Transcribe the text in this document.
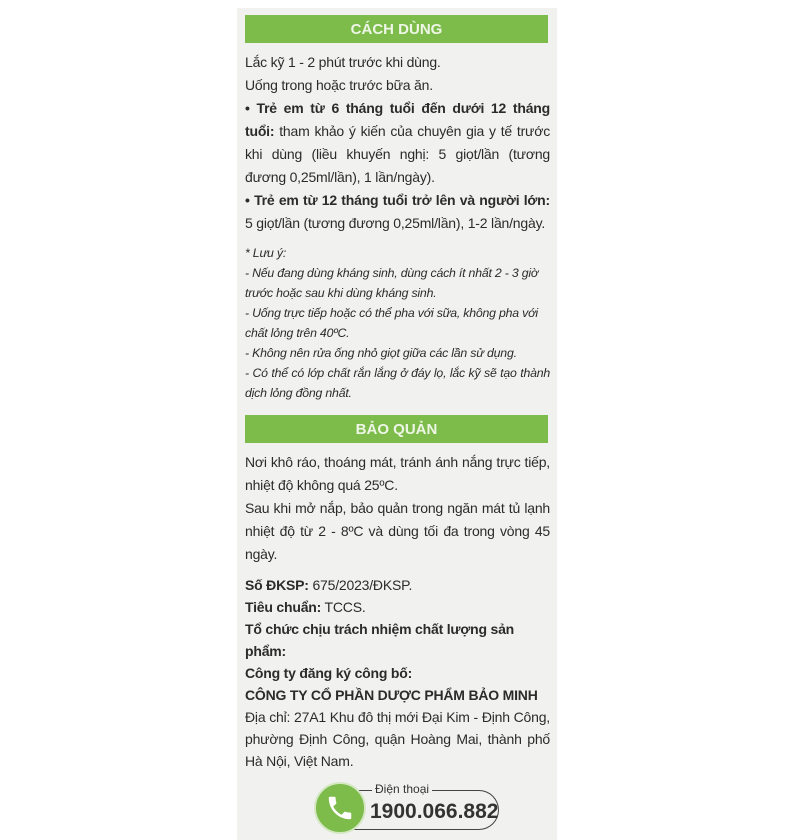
CÁCH DÙNG

Lắc kỹ 1 - 2 phút trước khi dùng.

Uống trong hoặc trước bữa ăn.

• Trẻ em từ 6 tháng tuổi đến dưới 12 tháng tuổi: tham khảo ý kiến của chuyên gia y tế trước khi dùng (liều khuyến nghị: 5 giọt/lần (tương đương 0,25ml/lần), 1 lần/ngày).

• Trẻ em từ 12 tháng tuổi trở lên và người lớn: 5 giọt/lần (tương đương 0,25ml/lần), 1-2 lần/ngày.

* Lưu ý:

- Nếu đang dùng kháng sinh, dùng cách ít nhất 2 - 3 giờ trước hoặc sau khi dùng kháng sinh.

- Uống trực tiếp hoặc có thể pha với sữa, không pha với chất lỏng trên 40ºC.

- Không nên rửa ống nhỏ giọt giữa các lần sử dụng.

- Có thể có lớp chất rắn lắng ở đáy lọ, lắc kỹ sẽ tạo thành dịch lỏng đồng nhất.

BẢO QUẢN

Nơi khô ráo, thoáng mát, tránh ánh nắng trực tiếp, nhiệt độ không quá 25ºC.

Sau khi mở nắp, bảo quản trong ngăn mát tủ lạnh nhiệt độ từ 2 - 8ºC và dùng tối đa trong vòng 45 ngày.

Số ĐKSP: 675/2023/ĐKSP.

Tiêu chuẩn: TCCS.

Tổ chức chịu trách nhiệm chất lượng sản phẩm:

Công ty đăng ký công bố:

CÔNG TY CỔ PHẦN DƯỢC PHẨM BẢO MINH

Địa chỉ: 27A1 Khu đô thị mới Đại Kim - Định Công, phường Định Công, quận Hoàng Mai, thành phố Hà Nội, Việt Nam.

Điện thoại
1900.066.882
